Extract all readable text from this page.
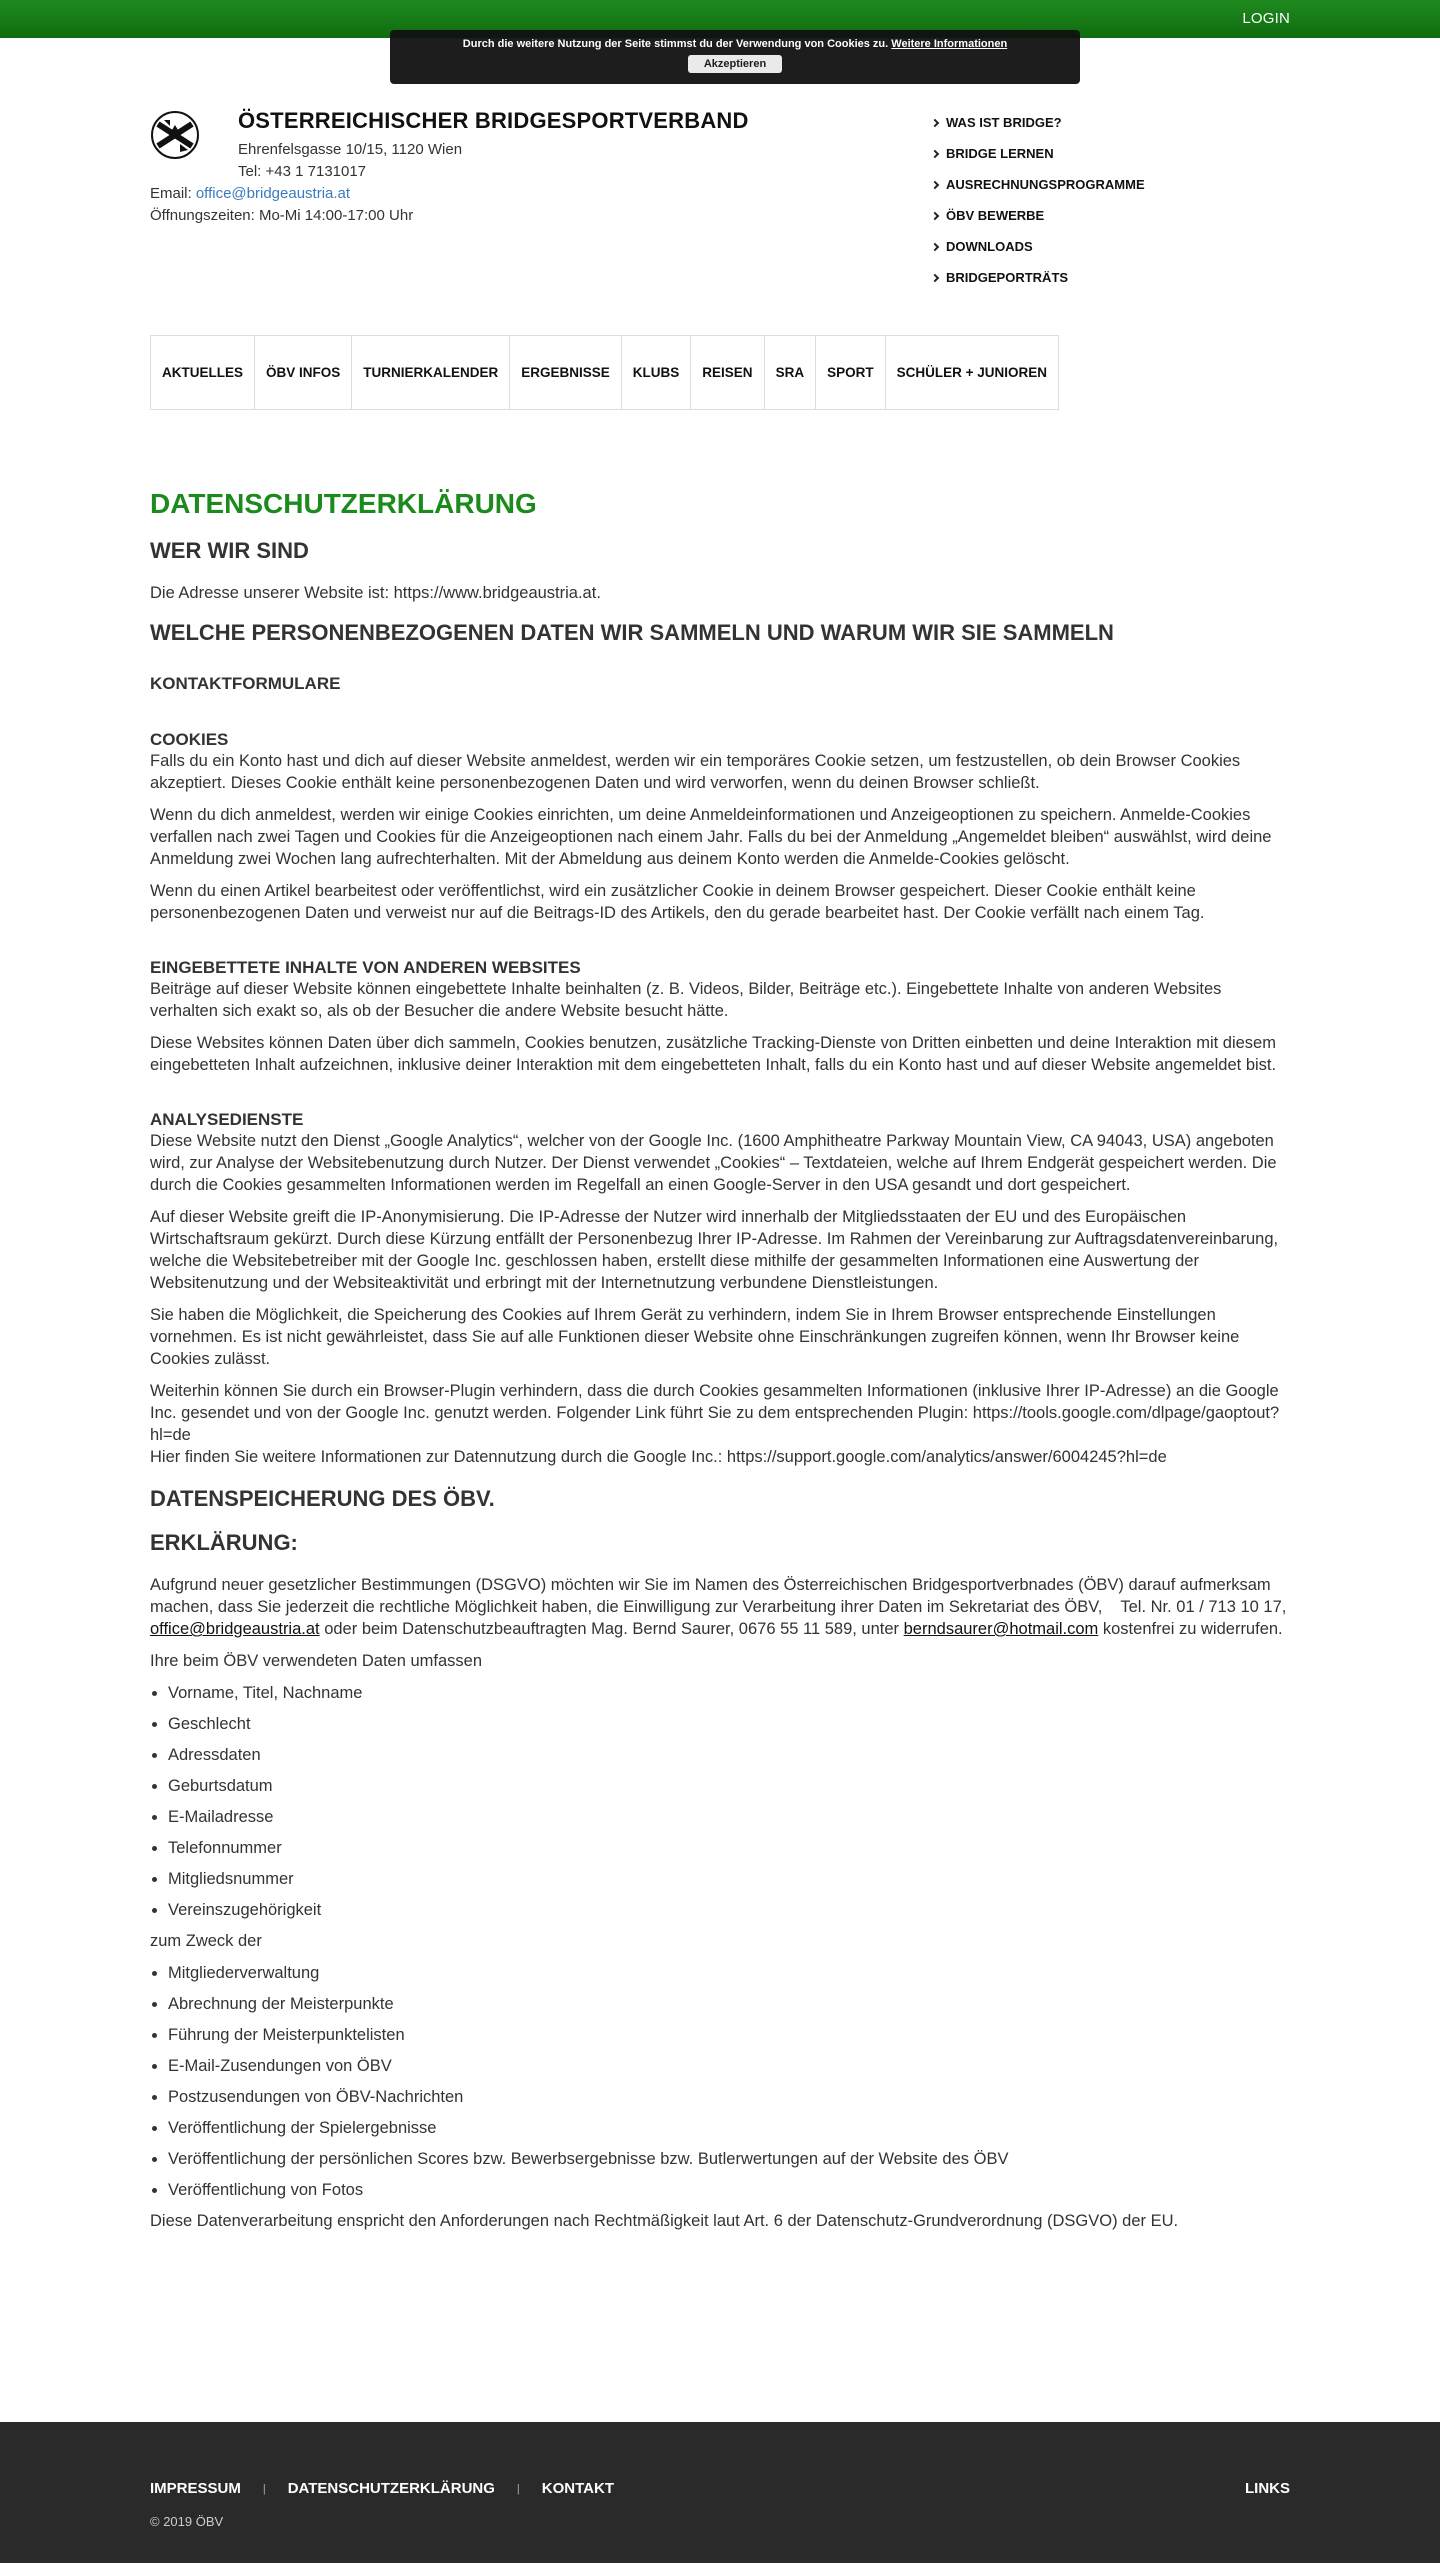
LOGIN
Durch die weitere Nutzung der Seite stimmst du der Verwendung von Cookies zu. Weitere Informationen
Akzeptieren
ÖSTERREICHISCHER BRIDGESPORTVERBAND
Ehrenfelsgasse 10/15, 1120 Wien
Tel: +43 1 7131017
Email: office@bridgeaustria.at
Öffnungszeiten: Mo-Mi 14:00-17:00 Uhr
WAS IST BRIDGE?
BRIDGE LERNEN
AUSRECHNUNGSPROGRAMME
ÖBV BEWERBE
DOWNLOADS
BRIDGEPORTRÄTS
AKTUELLES	ÖBV INFOS	TURNIERKALENDER	ERGEBNISSE	KLUBS	REISEN	SRA	SPORT	SCHÜLER + JUNIOREN
DATENSCHUTZERKLÄRUNG
WER WIR SIND

Die Adresse unserer Website ist: https://www.bridgeaustria.at.

WELCHE PERSONENBEZOGENEN DATEN WIR SAMMELN UND WARUM WIR SIE SAMMELN
KONTAKTFORMULARE
COOKIES

Falls du ein Konto hast und dich auf dieser Website anmeldest, werden wir ein temporäres Cookie setzen, um festzustellen, ob dein Browser Cookies akzeptiert. Dieses Cookie enthält keine personenbezogenen Daten und wird verworfen, wenn du deinen Browser schließt.

Wenn du dich anmeldest, werden wir einige Cookies einrichten, um deine Anmeldeinformationen und Anzeigeoptionen zu speichern. Anmelde-Cookies verfallen nach zwei Tagen und Cookies für die Anzeigeoptionen nach einem Jahr. Falls du bei der Anmeldung „Angemeldet bleiben“ auswählst, wird deine Anmeldung zwei Wochen lang aufrechterhalten. Mit der Abmeldung aus deinem Konto werden die Anmelde-Cookies gelöscht.

Wenn du einen Artikel bearbeitest oder veröffentlichst, wird ein zusätzlicher Cookie in deinem Browser gespeichert. Dieser Cookie enthält keine personenbezogenen Daten und verweist nur auf die Beitrags-ID des Artikels, den du gerade bearbeitet hast. Der Cookie verfällt nach einem Tag.

EINGEBETTETE INHALTE VON ANDEREN WEBSITES

Beiträge auf dieser Website können eingebettete Inhalte beinhalten (z. B. Videos, Bilder, Beiträge etc.). Eingebettete Inhalte von anderen Websites verhalten sich exakt so, als ob der Besucher die andere Website besucht hätte.

Diese Websites können Daten über dich sammeln, Cookies benutzen, zusätzliche Tracking-Dienste von Dritten einbetten und deine Interaktion mit diesem eingebetteten Inhalt aufzeichnen, inklusive deiner Interaktion mit dem eingebetteten Inhalt, falls du ein Konto hast und auf dieser Website angemeldet bist.

ANALYSEDIENSTE

Diese Website nutzt den Dienst „Google Analytics“, welcher von der Google Inc. (1600 Amphitheatre Parkway Mountain View, CA 94043, USA) angeboten wird, zur Analyse der Websitebenutzung durch Nutzer. Der Dienst verwendet „Cookies“ – Textdateien, welche auf Ihrem Endgerät gespeichert werden. Die durch die Cookies gesammelten Informationen werden im Regelfall an einen Google-Server in den USA gesandt und dort gespeichert.

Auf dieser Website greift die IP-Anonymisierung. Die IP-Adresse der Nutzer wird innerhalb der Mitgliedsstaaten der EU und des Europäischen Wirtschaftsraum gekürzt. Durch diese Kürzung entfällt der Personenbezug Ihrer IP-Adresse. Im Rahmen der Vereinbarung zur Auftragsdatenvereinbarung, welche die Websitebetreiber mit der Google Inc. geschlossen haben, erstellt diese mithilfe der gesammelten Informationen eine Auswertung der Websitenutzung und der Websiteaktivität und erbringt mit der Internetnutzung verbundene Dienstleistungen.

Sie haben die Möglichkeit, die Speicherung des Cookies auf Ihrem Gerät zu verhindern, indem Sie in Ihrem Browser entsprechende Einstellungen vornehmen. Es ist nicht gewährleistet, dass Sie auf alle Funktionen dieser Website ohne Einschränkungen zugreifen können, wenn Ihr Browser keine Cookies zulässt.

Weiterhin können Sie durch ein Browser-Plugin verhindern, dass die durch Cookies gesammelten Informationen (inklusive Ihrer IP-Adresse) an die Google Inc. gesendet und von der Google Inc. genutzt werden. Folgender Link führt Sie zu dem entsprechenden Plugin: https://tools.google.com/dlpage/gaoptout?hl=de

Hier finden Sie weitere Informationen zur Datennutzung durch die Google Inc.: https://support.google.com/analytics/answer/6004245?hl=de

DATENSPEICHERUNG DES ÖBV.
ERKLÄRUNG:

Aufgrund neuer gesetzlicher Bestimmungen (DSGVO) möchten wir Sie im Namen des Österreichischen Bridgesportverbnades (ÖBV) darauf aufmerksam machen, dass Sie jederzeit die rechtliche Möglichkeit haben, die Einwilligung zur Verarbeitung ihrer Daten im Sekretariat des ÖBV,    Tel. Nr. 01 / 713 10 17, office@bridgeaustria.at oder beim Datenschutzbeauftragten Mag. Bernd Saurer, 0676 55 11 589, unter berndsaurer@hotmail.com kostenfrei zu widerrufen.

Ihre beim ÖBV verwendeten Daten umfassen

• Vorname, Titel, Nachname
• Geschlecht
• Adressdaten
• Geburtsdatum
• E-Mailadresse
• Telefonnummer
• Mitgliedsnummer
• Vereinszugehörigkeit

zum Zweck der

• Mitgliederverwaltung
• Abrechnung der Meisterpunkte
• Führung der Meisterpunktelisten
• E-Mail-Zusendungen von ÖBV
• Postzusendungen von ÖBV-Nachrichten
• Veröffentlichung der Spielergebnisse
• Veröffentlichung der persönlichen Scores bzw. Bewerbsergebnisse bzw. Butlerwertungen auf der Website des ÖBV
• Veröffentlichung von Fotos

Diese Datenverarbeitung enspricht den Anforderungen nach Rechtmäßigkeit laut Art. 6 der Datenschutz-Grundverordnung (DSGVO) der EU.

IMPRESSUM | DATENSCHUTZERKLÄRUNG | KONTAKT	LINKS
© 2019 ÖBV
